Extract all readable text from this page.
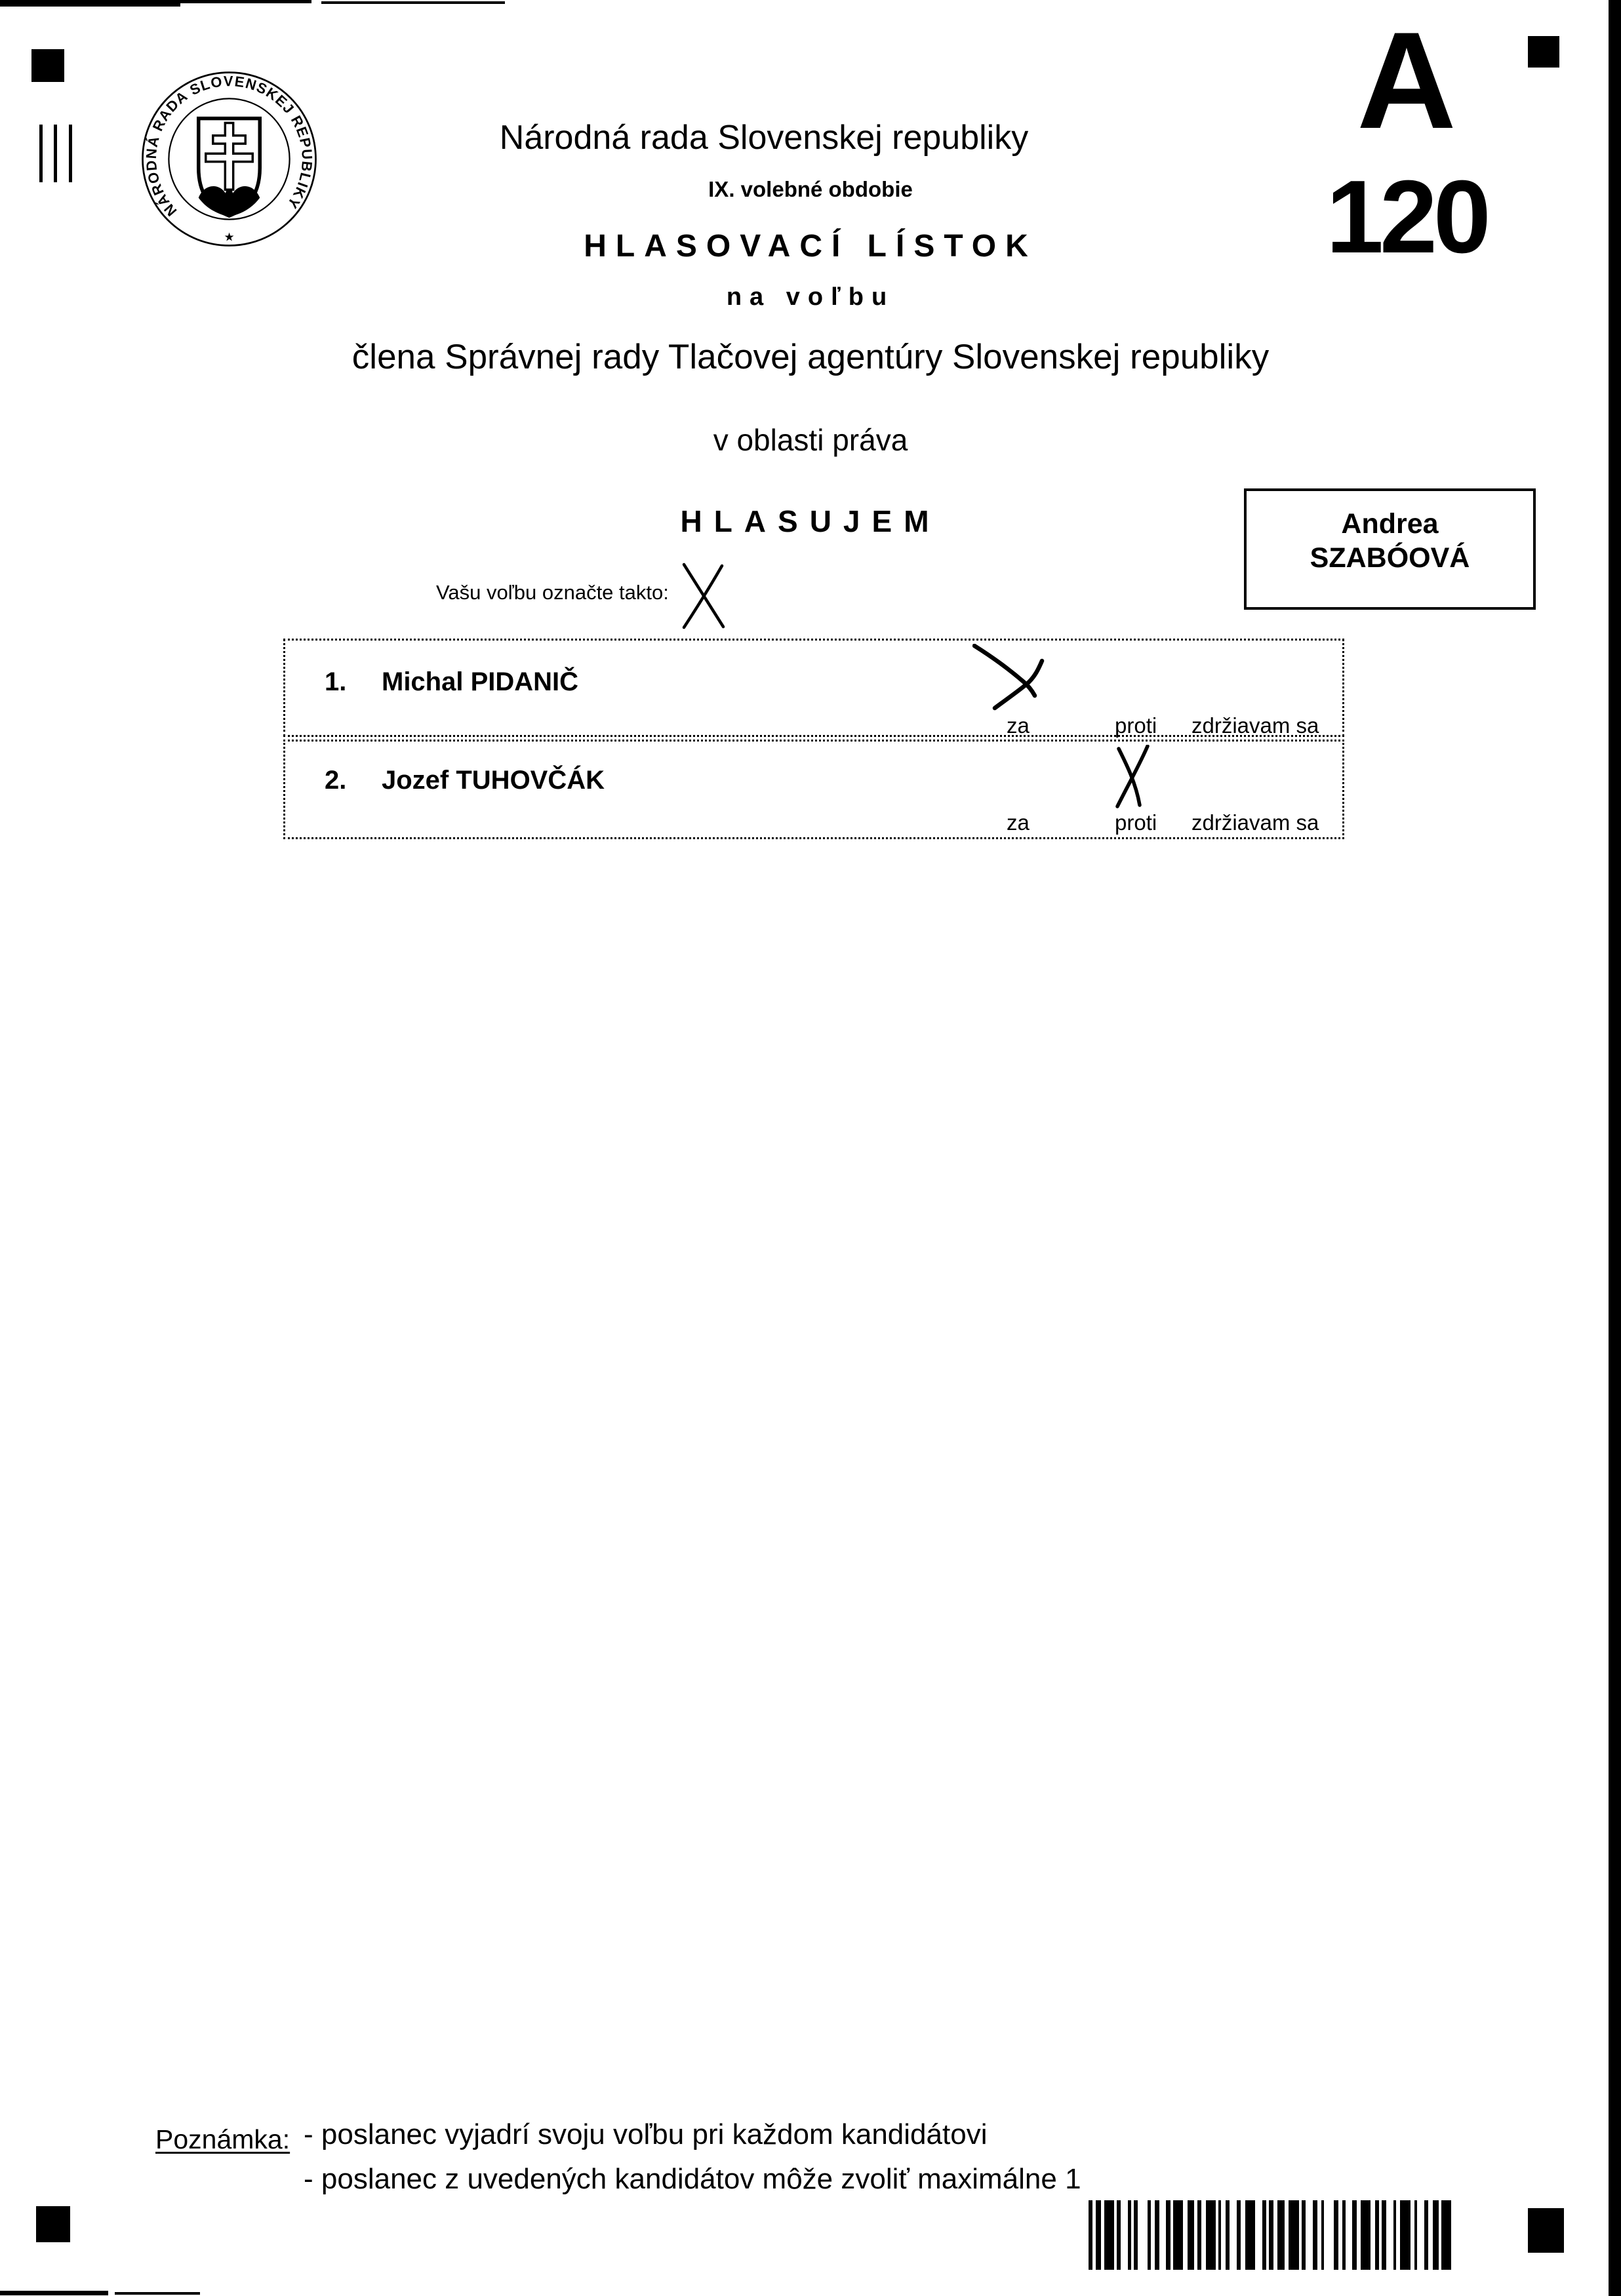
NÁRODNÁ RADA SLOVENSKEJ REPUBLIKY
★
Národná rada Slovenskej republiky
IX. volebné obdobie
HLASOVACÍ LÍSTOK
na voľbu
člena Správnej rady Tlačovej agentúry Slovenskej republiky
v oblasti práva
HLASUJEM
A
120
Andrea
SZABÓOVÁ
Vašu voľbu označte takto:
1. Michal PIDANIČ
za	proti zdržiavam sa
2. Jozef TUHOVČÁK
za	proti zdržiavam sa
Poznámka: - poslanec vyjadrí svoju voľbu pri každom kandidátovi
- poslanec z uvedených kandidátov môže zvoliť maximálne 1
